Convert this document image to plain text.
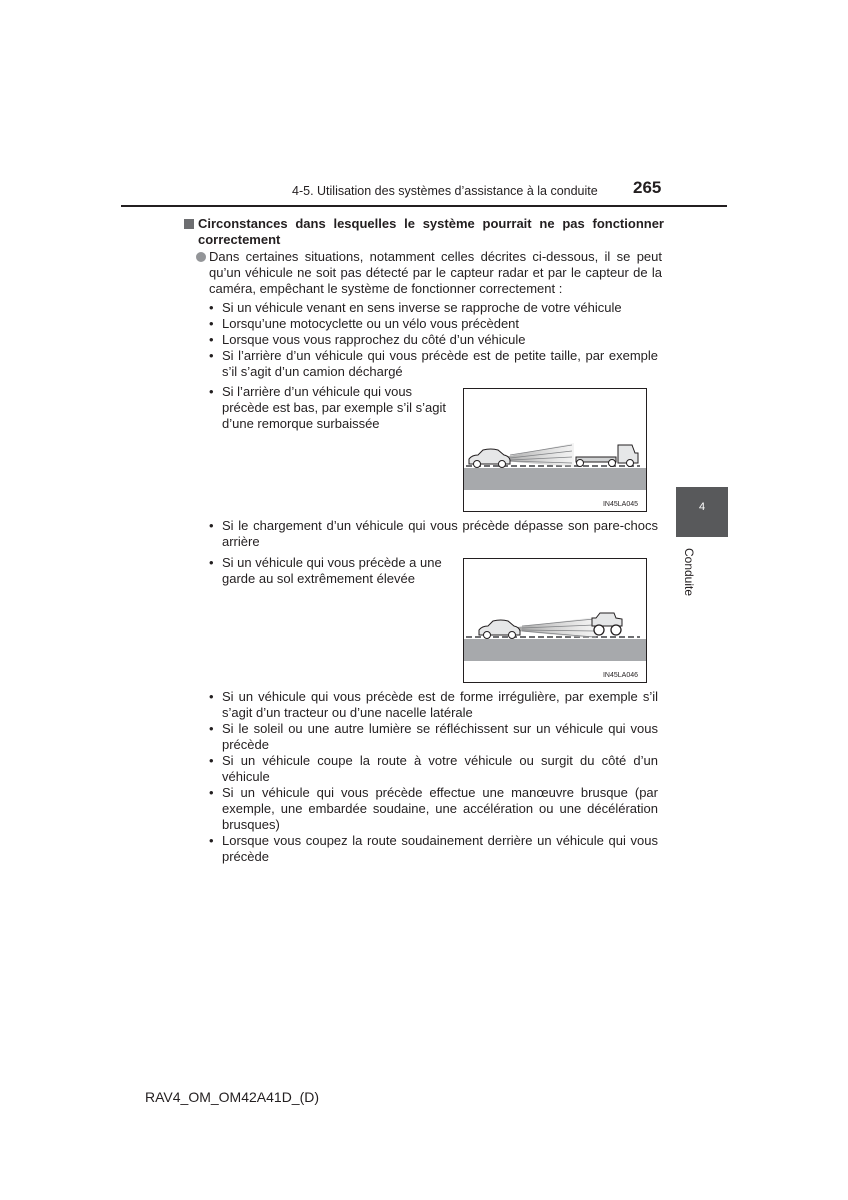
4-5. Utilisation des systèmes d’assistance à la conduite 265
4
Conduite
Circonstances dans lesquelles le système pourrait ne pas fonctionner correctement
Dans certaines situations, notamment celles décrites ci-dessous, il se peut qu’un véhicule ne soit pas détecté par le capteur radar et par le capteur de la caméra, empêchant le système de fonctionner correctement :
• Si un véhicule venant en sens inverse se rapproche de votre véhicule
• Lorsqu’une motocyclette ou un vélo vous précèdent
• Lorsque vous vous rapprochez du côté d’un véhicule
• Si l’arrière d’un véhicule qui vous précède est de petite taille, par exemple s’il s’agit d’un camion déchargé
• Si l’arrière d’un véhicule qui vous précède est bas, par exemple s’il s’agit d’une remorque surbaissée
IN45LA045
• Si le chargement d’un véhicule qui vous précède dépasse son pare-chocs arrière
• Si un véhicule qui vous précède a une garde au sol extrêmement élevée
IN45LA046
• Si un véhicule qui vous précède est de forme irrégulière, par exemple s’il s’agit d’un tracteur ou d’une nacelle latérale
• Si le soleil ou une autre lumière se réfléchissent sur un véhicule qui vous précède
• Si un véhicule coupe la route à votre véhicule ou surgit du côté d’un véhicule
• Si un véhicule qui vous précède effectue une manœuvre brusque (par exemple, une embardée soudaine, une accélération ou une décélération brusques)
• Lorsque vous coupez la route soudainement derrière un véhicule qui vous précède
RAV4_OM_OM42A41D_(D)
